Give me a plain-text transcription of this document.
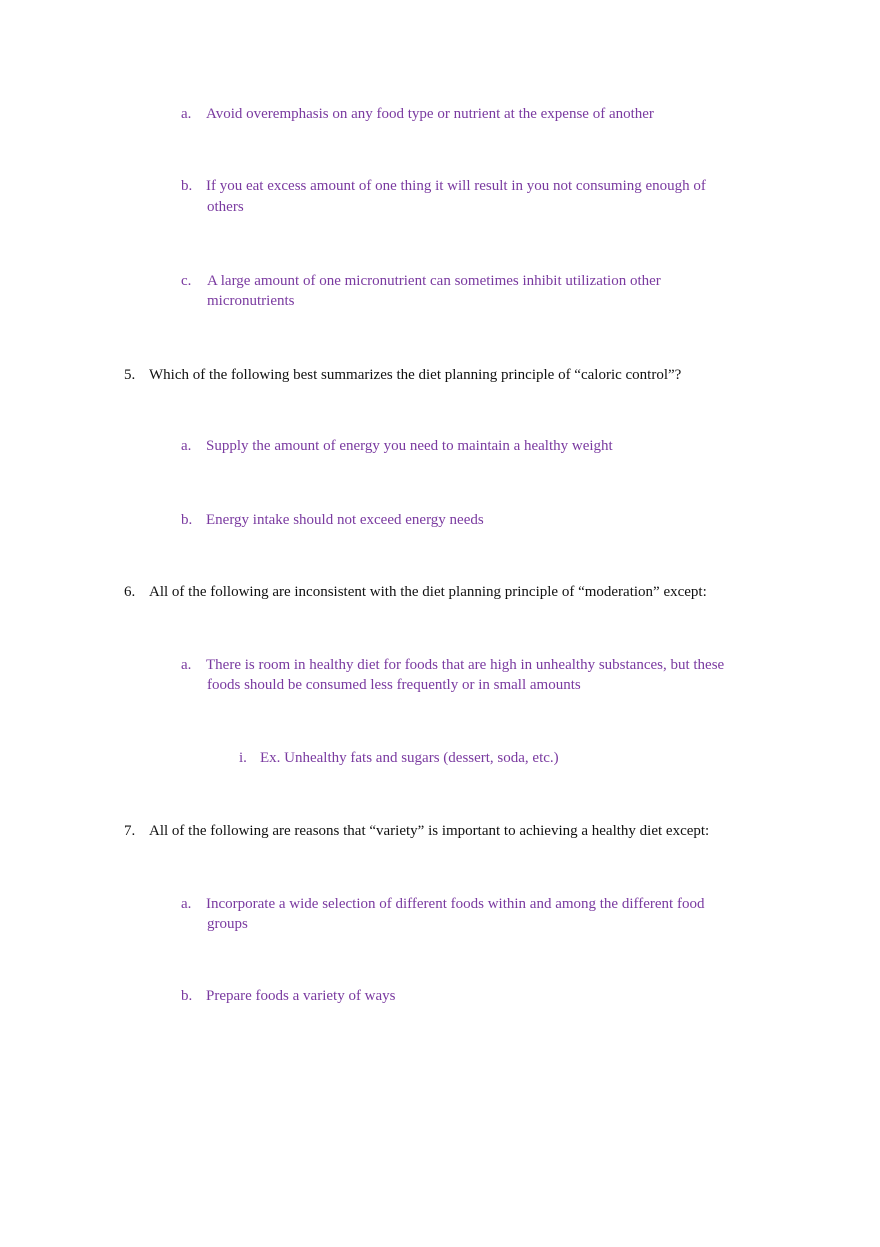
a. Avoid overemphasis on any food type or nutrient at the expense of another
b. If you eat excess amount of one thing it will result in you not consuming enough of
others
c. A large amount of one micronutrient can sometimes inhibit utilization other
micronutrients
5. Which of the following best summarizes the diet planning principle of “caloric control”?
a. Supply the amount of energy you need to maintain a healthy weight
b. Energy intake should not exceed energy needs
6. All of the following are inconsistent with the diet planning principle of “moderation” except:
a. There is room in healthy diet for foods that are high in unhealthy substances, but these
foods should be consumed less frequently or in small amounts
i. Ex. Unhealthy fats and sugars (dessert, soda, etc.)
7. All of the following are reasons that “variety” is important to achieving a healthy diet except:
a. Incorporate a wide selection of different foods within and among the different food
groups
b. Prepare foods a variety of ways
